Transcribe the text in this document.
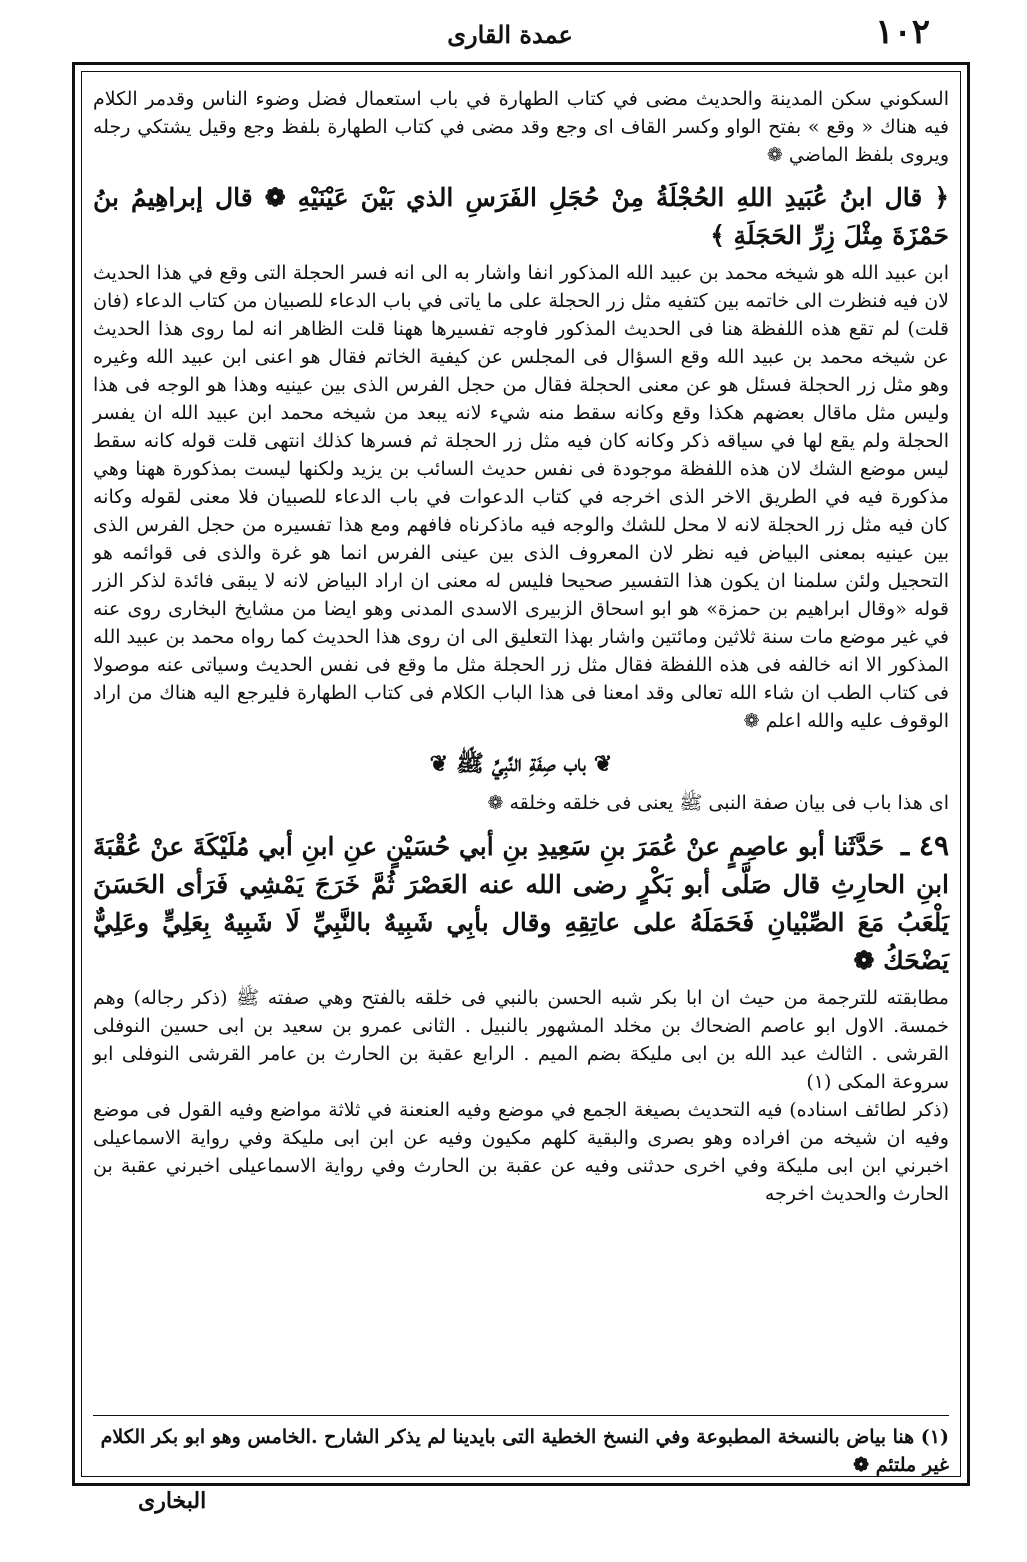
١٠٢
عمدة القارى

السكوني سكن المدينة والحديث مضى في كتاب الطهارة في باب استعمال فضل وضوء الناس وقدمر الكلام فيه هناك « وقع » بفتح الواو وكسر القاف اى وجع وقد مضى في كتاب الطهارة بلفظ وجع وقيل يشتكي رجله ويروى بلفظ الماضي ❁

﴿ قال ابنُ عُبَيدِ اللهِ الحُجْلَةُ مِنْ حُجَلِ الفَرَسِ الذي بَيْنَ عَيْنَيْهِ ❁ قال إبراهِيمُ بنُ حَمْزَةَ مِثْلَ زِرِّ الحَجَلَةِ ﴾

ابن عبيد الله هو شيخه محمد بن عبيد الله المذكور انفا واشار به الى انه فسر الحجلة التى وقع في هذا الحديث لان فيه فنظرت الى خاتمه بين كتفيه مثل زر الحجلة على ما ياتى في باب الدعاء للصبيان من كتاب الدعاء (فان قلت) لم تقع هذه اللفظة هنا فى الحديث المذكور فاوجه تفسيرها ههنا قلت الظاهر انه لما روى هذا الحديث عن شيخه محمد بن عبيد الله وقع السؤال فى المجلس عن كيفية الخاتم فقال هو اعنى ابن عبيد الله وغيره وهو مثل زر الحجلة فسئل هو عن معنى الحجلة فقال من حجل الفرس الذى بين عينيه وهذا هو الوجه فى هذا وليس مثل ماقال بعضهم هكذا وقع وكانه سقط منه شيء لانه يبعد من شيخه محمد ابن عبيد الله ان يفسر الحجلة ولم يقع لها في سياقه ذكر وكانه كان فيه مثل زر الحجلة ثم فسرها كذلك انتهى قلت قوله كانه سقط ليس موضع الشك لان هذه اللفظة موجودة فى نفس حديث السائب بن يزيد ولكنها ليست بمذكورة ههنا وهي مذكورة فيه في الطريق الاخر الذى اخرجه في كتاب الدعوات في باب الدعاء للصبيان فلا معنى لقوله وكانه كان فيه مثل زر الحجلة لانه لا محل للشك والوجه فيه ماذكرناه فافهم ومع هذا تفسيره من حجل الفرس الذى بين عينيه بمعنى البياض فيه نظر لان المعروف الذى بين عينى الفرس انما هو غرة والذى فى قوائمه هو التحجيل ولئن سلمنا ان يكون هذا التفسير صحيحا فليس له معنى ان اراد البياض لانه لا يبقى فائدة لذكر الزر قوله «وقال ابراهيم بن حمزة» هو ابو اسحاق الزبيرى الاسدى المدنى وهو ايضا من مشايخ البخارى روى عنه في غير موضع مات سنة ثلاثين ومائتين واشار بهذا التعليق الى ان روى هذا الحديث كما رواه محمد بن عبيد الله المذكور الا انه خالفه فى هذه اللفظة فقال مثل زر الحجلة مثل ما وقع فى نفس الحديث وسياتى عنه موصولا فى كتاب الطب ان شاء الله تعالى وقد امعنا فى هذا الباب الكلام فى كتاب الطهارة فليرجع اليه هناك من اراد الوقوف عليه والله اعلم ❁

❦باب صِفَةِ النَّبِيِّ ﷺ❦

اى هذا باب فى بيان صفة النبى ﷺ يعنى فى خلقه وخلقه ❁

٤٩ ـ حَدَّثَنا أبو عاصِمٍ عنْ عُمَرَ بنِ سَعِيدِ بنِ أبي حُسَيْنٍ عنِ ابنِ أبي مُلَيْكَةَ عنْ عُقْبَةَ ابنِ الحارِثِ قال صَلَّى أبو بَكْرٍ رضى الله عنه العَصْرَ ثُمَّ خَرَجَ يَمْشِي فَرَأى الحَسَنَ يَلْعَبُ مَعَ الصِّبْيانِ فَحَمَلَهُ على عاتِقِهِ وقال بأبِي شَبِيهٌ بالنَّبِيِّ لَا شَبِيهٌ بِعَلِيٍّ وعَلِيٌّ يَضْحَكُ ❁

مطابقته للترجمة من حيث ان ابا بكر شبه الحسن بالنبي فى خلقه بالفتح وهي صفته ﷺ (ذكر رجاله) وهم خمسة. الاول ابو عاصم الضحاك بن مخلد المشهور بالنبيل . الثانى عمرو بن سعيد بن ابى حسين النوفلى القرشى . الثالث عبد الله بن ابى مليكة بضم الميم . الرابع عقبة بن الحارث بن عامر القرشى النوفلى ابو سروعة المكى (١)

(ذكر لطائف اسناده) فيه التحديث بصيغة الجمع في موضع وفيه العنعنة في ثلاثة مواضع وفيه القول فى موضع وفيه ان شيخه من افراده وهو بصرى والبقية كلهم مكيون وفيه عن ابن ابى مليكة وفي رواية الاسماعيلى اخبرني ابن ابى مليكة وفي اخرى حدثنى وفيه عن عقبة بن الحارث وفي رواية الاسماعيلى اخبرني عقبة بن الحارث والحديث اخرجه

(١) هنا بياض بالنسخة المطبوعة وفي النسخ الخطية التى بايدينا لم يذكر الشارح .الخامس وهو ابو بكر الكلام غير ملتئم ❁
البخارى
